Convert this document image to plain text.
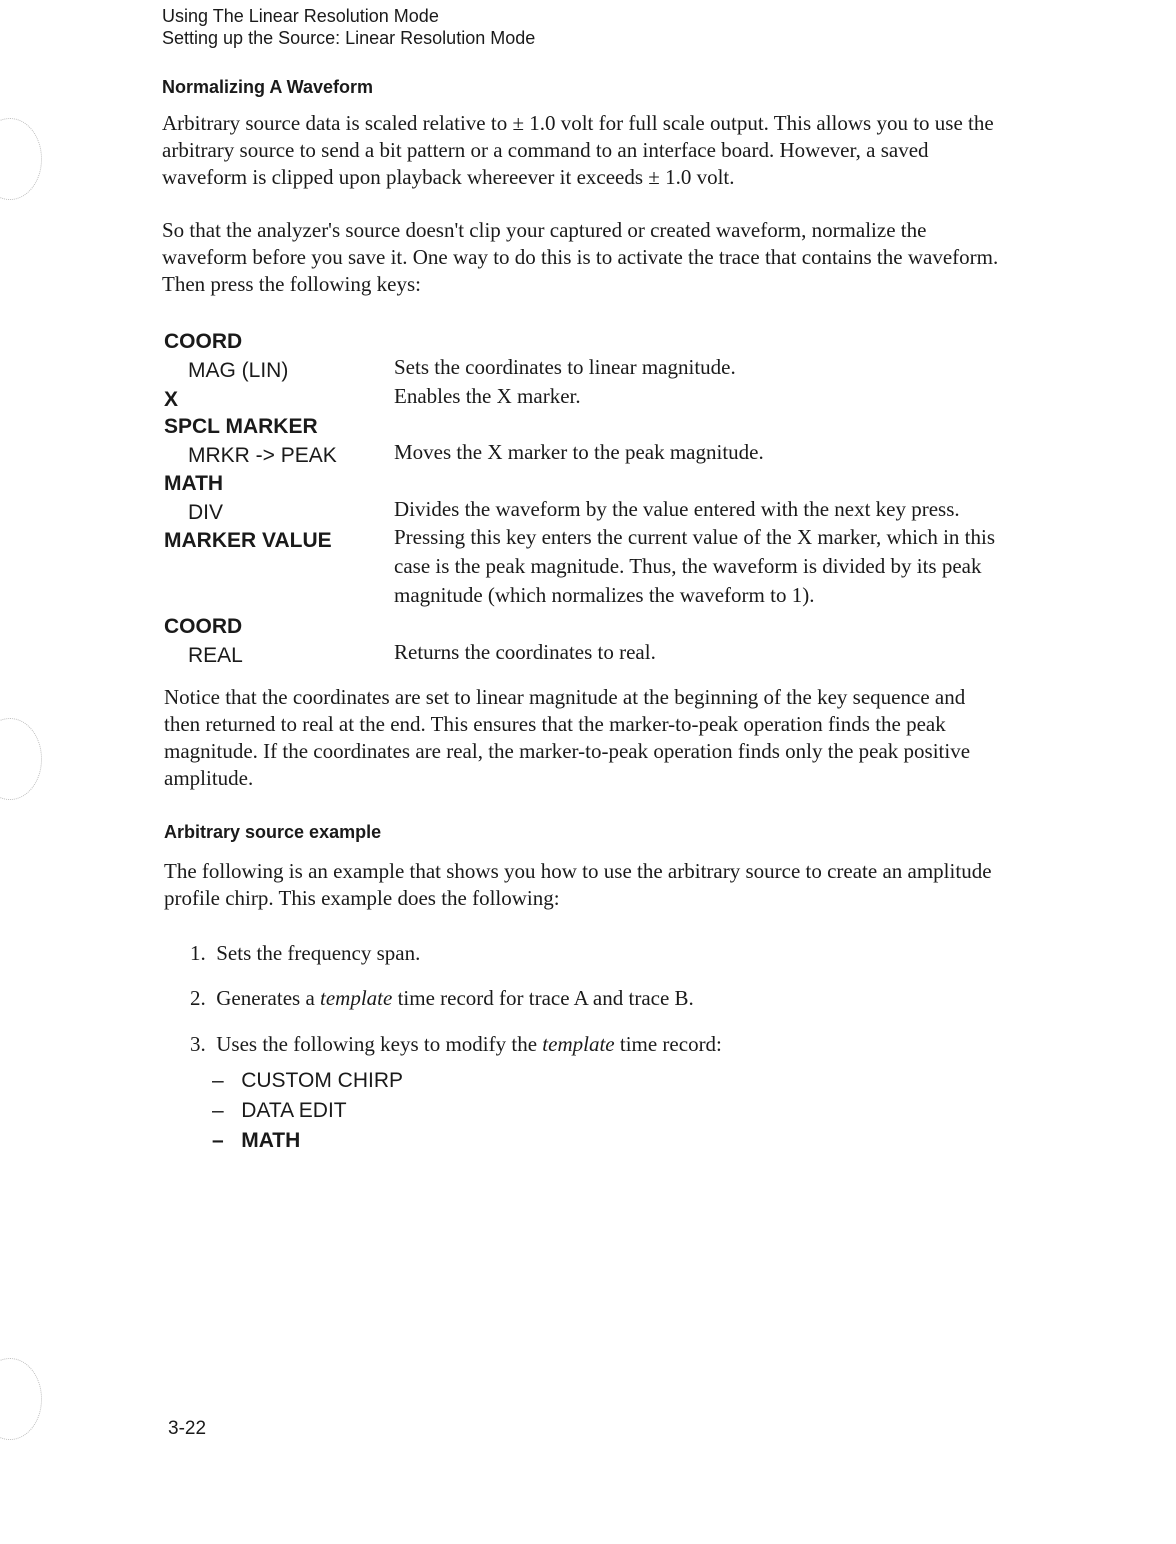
Using The Linear Resolution Mode
Setting up the Source: Linear Resolution Mode
Normalizing A Waveform
Arbitrary source data is scaled relative to ± 1.0 volt for full scale output. This allows you to use the
arbitrary source to send a bit pattern or a command to an interface board. However, a saved
waveform is clipped upon playback whereever it exceeds ± 1.0 volt.
So that the analyzer's source doesn't clip your captured or created waveform, normalize the
waveform before you save it. One way to do this is to activate the trace that contains the waveform.
Then press the following keys:
COORD
MAG (LIN)	Sets the coordinates to linear magnitude.
X	Enables the X marker.
SPCL MARKER
MRKR -> PEAK	Moves the X marker to the peak magnitude.
MATH
DIV	Divides the waveform by the value entered with the next key press.
MARKER VALUE	Pressing this key enters the current value of the X marker, which in this
case is the peak magnitude. Thus, the waveform is divided by its peak
magnitude (which normalizes the waveform to 1).
COORD
REAL	Returns the coordinates to real.
Notice that the coordinates are set to linear magnitude at the beginning of the key sequence and
then returned to real at the end. This ensures that the marker-to-peak operation finds the peak
magnitude. If the coordinates are real, the marker-to-peak operation finds only the peak positive
amplitude.
Arbitrary source example
The following is an example that shows you how to use the arbitrary source to create an amplitude
profile chirp. This example does the following:
1. Sets the frequency span.
2. Generates a template time record for trace A and trace B.
3. Uses the following keys to modify the template time record:
– CUSTOM CHIRP
– DATA EDIT
– MATH
3-22
